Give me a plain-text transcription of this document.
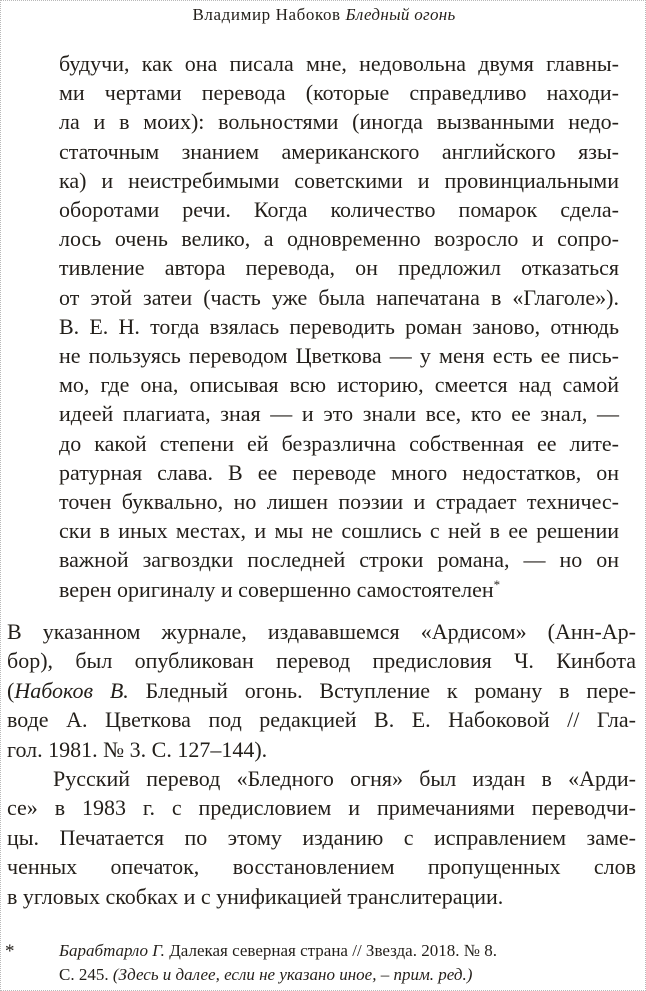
Владимир Набоков Бледный огонь
будучи, как она писала мне, недовольна двумя главны-
ми чертами перевода (которые справедливо находи-
ла и в моих): вольностями (иногда вызванными недо-
статочным знанием американского английского язы-
ка) и неистребимыми советскими и провинциальными
оборотами речи. Когда количество помарок сдела-
лось очень велико, а одновременно возросло и сопро-
тивление автора перевода, он предложил отказаться
от этой затеи (часть уже была напечатана в «Глаголе»).
В. Е. Н. тогда взялась переводить роман заново, отнюдь
не пользуясь переводом Цветкова — у меня есть ее пись-
мо, где она, описывая всю историю, смеется над самой
идеей плагиата, зная — и это знали все, кто ее знал, —
до какой степени ей безразлична собственная ее лите-
ратурная слава. В ее переводе много недостатков, он
точен буквально, но лишен поэзии и страдает техничес-
ски в иных местах, и мы не сошлись с ней в ее решении
важной загвоздки последней строки романа, — но он
верен оригиналу и совершенно самостоятелен*
В указанном журнале, издававшемся «Ардисом» (Анн-Ар-
бор), был опубликован перевод предисловия Ч. Кинбота
(Набоков В. Бледный огонь. Вступление к роману в пере-
воде А. Цветкова под редакцией В. Е. Набоковой // Гла-
гол. 1981. № 3. С. 127–144).
Русский перевод «Бледного огня» был издан в «Арди-
се» в 1983 г. с предисловием и примечаниями переводчи-
цы. Печатается по этому изданию с исправлением заме-
ченных опечаток, восстановлением пропущенных слов
в угловых скобках и с унификацией транслитерации.
*	Барабтарло Г. Далекая северная страна // Звезда. 2018. № 8.
С. 245. (Здесь и далее, если не указано иное, – прим. ред.)
